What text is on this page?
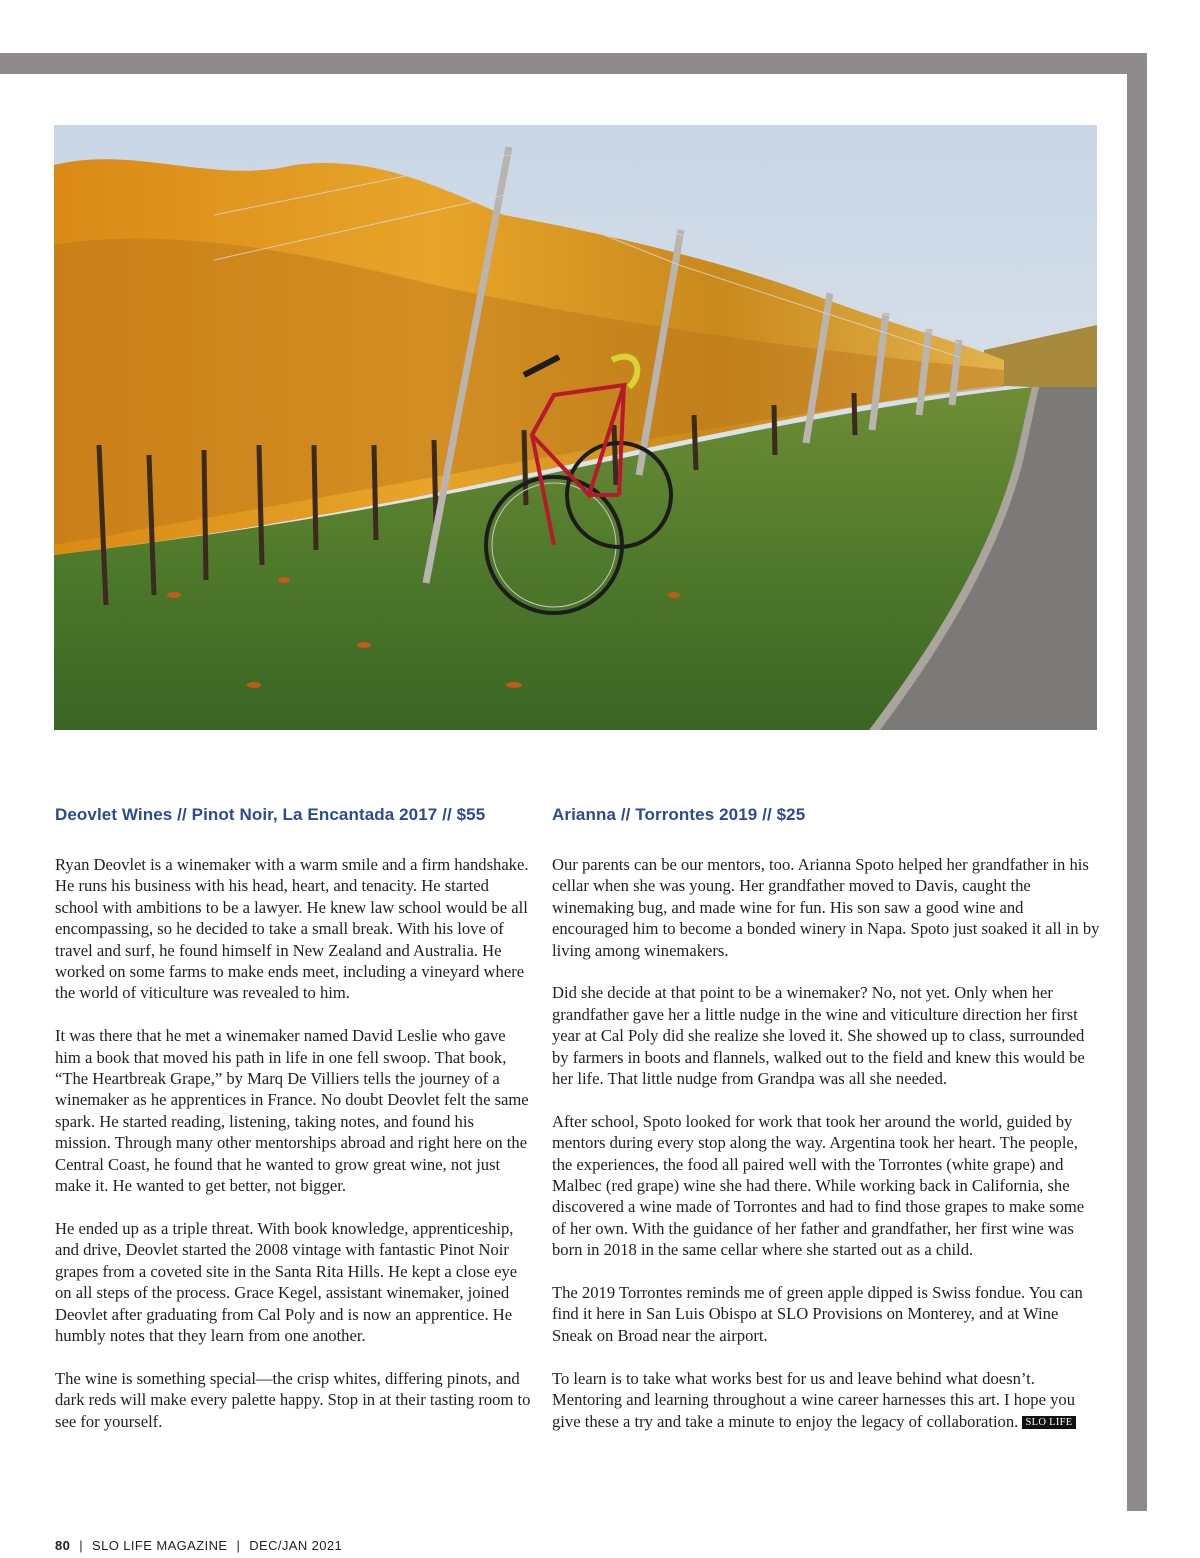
Deovlet Wines // Pinot Noir, La Encantada 2017 // $55

Ryan Deovlet is a winemaker with a warm smile and a firm handshake. He runs his business with his head, heart, and tenacity. He started school with ambitions to be a lawyer. He knew law school would be all encompassing, so he decided to take a small break. With his love of travel and surf, he found himself in New Zealand and Australia. He worked on some farms to make ends meet, including a vineyard where the world of viticulture was revealed to him.

It was there that he met a winemaker named David Leslie who gave him a book that moved his path in life in one fell swoop. That book, “The Heartbreak Grape,” by Marq De Villiers tells the journey of a winemaker as he apprentices in France. No doubt Deovlet felt the same spark. He started reading, listening, taking notes, and found his mission. Through many other mentorships abroad and right here on the Central Coast, he found that he wanted to grow great wine, not just make it. He wanted to get better, not bigger.

He ended up as a triple threat. With book knowledge, apprenticeship, and drive, Deovlet started the 2008 vintage with fantastic Pinot Noir grapes from a coveted site in the Santa Rita Hills. He kept a close eye on all steps of the process. Grace Kegel, assistant winemaker, joined Deovlet after graduating from Cal Poly and is now an apprentice. He humbly notes that they learn from one another.

The wine is something special—the crisp whites, differing pinots, and dark reds will make every palette happy. Stop in at their tasting room to see for yourself.

Arianna // Torrontes 2019 // $25

Our parents can be our mentors, too. Arianna Spoto helped her grandfather in his cellar when she was young. Her grandfather moved to Davis, caught the winemaking bug, and made wine for fun. His son saw a good wine and encouraged him to become a bonded winery in Napa. Spoto just soaked it all in by living among winemakers.

Did she decide at that point to be a winemaker? No, not yet. Only when her grandfather gave her a little nudge in the wine and viticulture direction her first year at Cal Poly did she realize she loved it. She showed up to class, surrounded by farmers in boots and flannels, walked out to the field and knew this would be her life. That little nudge from Grandpa was all she needed.

After school, Spoto looked for work that took her around the world, guided by mentors during every stop along the way. Argentina took her heart. The people, the experiences, the food all paired well with the Torrontes (white grape) and Malbec (red grape) wine she had there. While working back in California, she discovered a wine made of Torrontes and had to find those grapes to make some of her own. With the guidance of her father and grandfather, her first wine was born in 2018 in the same cellar where she started out as a child.

The 2019 Torrontes reminds me of green apple dipped is Swiss fondue. You can find it here in San Luis Obispo at SLO Provisions on Monterey, and at Wine Sneak on Broad near the airport.

To learn is to take what works best for us and leave behind what doesn’t. Mentoring and learning throughout a wine career harnesses this art. I hope you give these a try and take a minute to enjoy the legacy of collaboration. SLO LIFE

80 | SLO LIFE MAGAZINE | DEC/JAN 2021
